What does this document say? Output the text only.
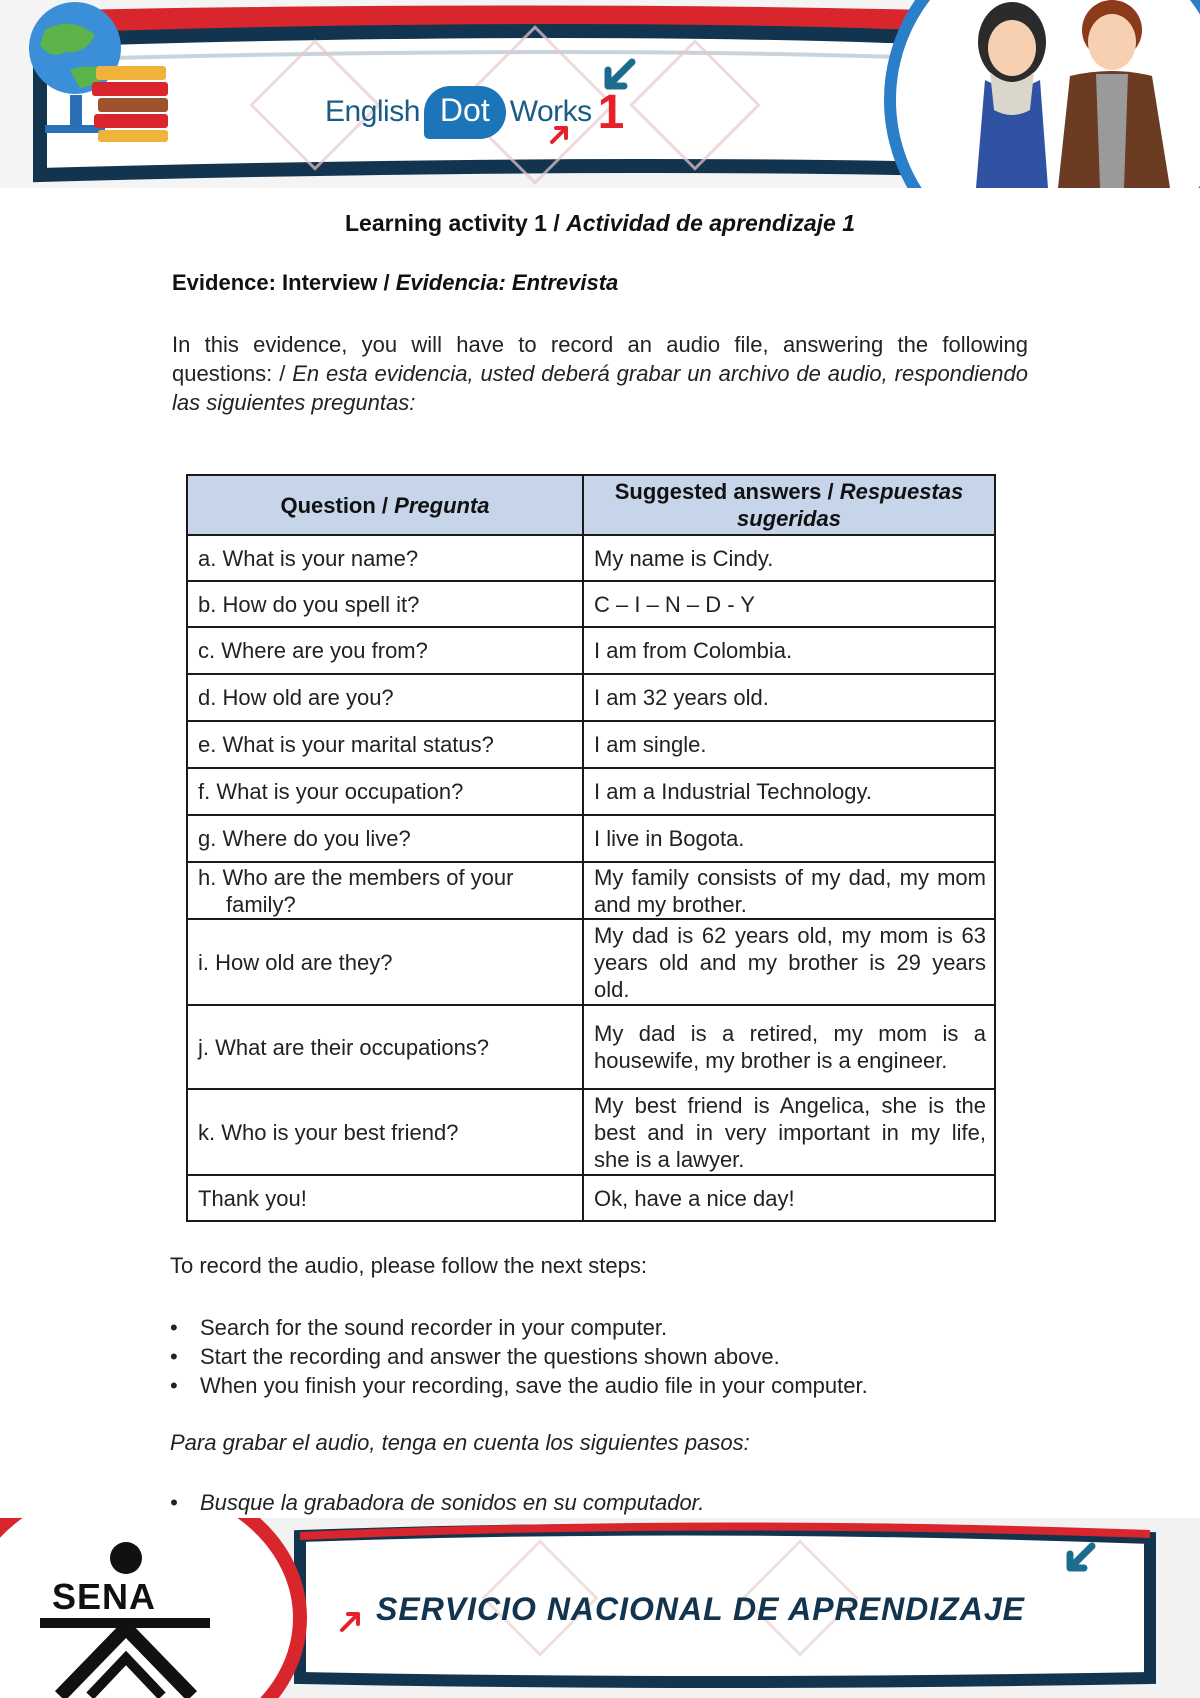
English Dot Works 1
Learning activity 1 / Actividad de aprendizaje 1
Evidence: Interview / Evidencia: Entrevista
In this evidence, you will have to record an audio file, answering the following questions: / En esta evidencia, usted deberá grabar un archivo de audio, respondiendo las siguientes preguntas:
Question / Pregunta	Suggested answers / Respuestas sugeridas
a. What is your name?	My name is Cindy.
b. How do you spell it?	C – I – N – D - Y
c. Where are you from?	I am from Colombia.
d. How old are you?	I am 32 years old.
e. What is your marital status?	I am single.
f. What is your occupation?	I am a Industrial Technology.
g. Where do you live?	I live in Bogota.

h. Who are the members of your family?	My family consists of my dad, my mom and my brother.
i. How old are they?	My dad is 62 years old, my mom is 63 years old and my brother is 29 years old.
j. What are their occupations?	My dad is a retired, my mom is a housewife, my brother is a engineer.
k. Who is your best friend?	My best friend is Angelica, she is the best and in very important in my life, she is a lawyer.
Thank you!	Ok, have a nice day!
To record the audio, please follow the next steps:
• Search for the sound recorder in your computer.
• Start the recording and answer the questions shown above.
• When you finish your recording, save the audio file in your computer.
Para grabar el audio, tenga en cuenta los siguientes pasos:
• Busque la grabadora de sonidos en su computador.
SENA	SERVICIO NACIONAL DE APRENDIZAJE
